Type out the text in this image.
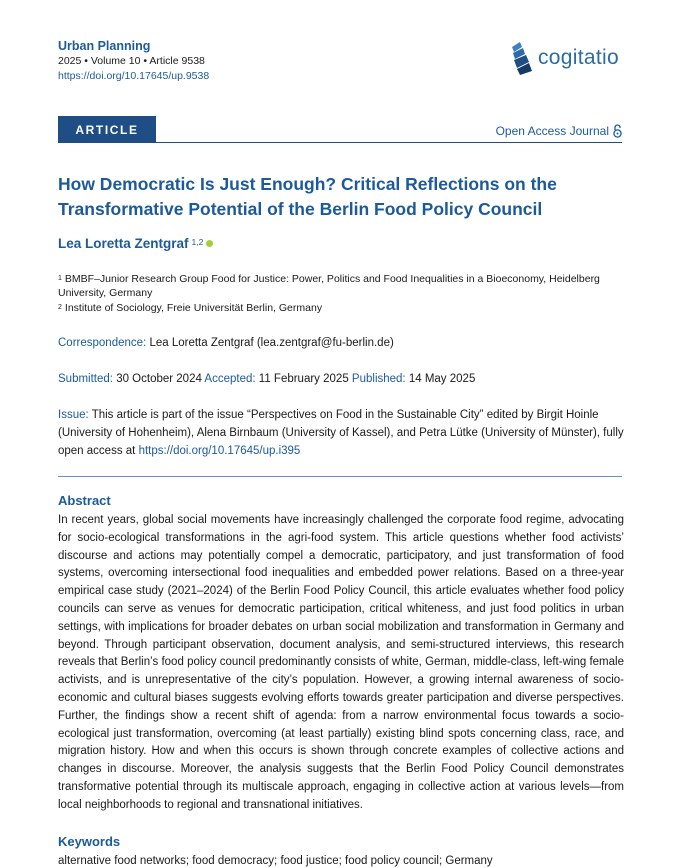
Urban Planning
2025 • Volume 10 • Article 9538
https://doi.org/10.17645/up.9538
cogitatio
ARTICLE	Open Access Journal
How Democratic Is Just Enough? Critical Reflections on the Transformative Potential of the Berlin Food Policy Council
Lea Loretta Zentgraf 1,2
$^1$ BMBF–Junior Research Group Food for Justice: Power, Politics and Food Inequalities in a Bioeconomy, Heidelberg University, Germany
$^2$ Institute of Sociology, Freie Universität Berlin, Germany
Correspondence: Lea Loretta Zentgraf (lea.zentgraf@fu-berlin.de)
Submitted: 30 October 2024 Accepted: 11 February 2025 Published: 14 May 2025
Issue: This article is part of the issue “Perspectives on Food in the Sustainable City” edited by Birgit Hoinle (University of Hohenheim), Alena Birnbaum (University of Kassel), and Petra Lütke (University of Münster), fully open access at https://doi.org/10.17645/up.i395
Abstract

In recent years, global social movements have increasingly challenged the corporate food regime, advocating for socio-ecological transformations in the agri-food system. This article questions whether food activists’ discourse and actions may potentially compel a democratic, participatory, and just transformation of food systems, overcoming intersectional food inequalities and embedded power relations. Based on a three-year empirical case study (2021–2024) of the Berlin Food Policy Council, this article evaluates whether food policy councils can serve as venues for democratic participation, critical whiteness, and just food politics in urban settings, with implications for broader debates on urban social mobilization and transformation in Germany and beyond. Through participant observation, document analysis, and semi-structured interviews, this research reveals that Berlin’s food policy council predominantly consists of white, German, middle-class, left-wing female activists, and is unrepresentative of the city’s population. However, a growing internal awareness of socio-economic and cultural biases suggests evolving efforts towards greater participation and diverse perspectives. Further, the findings show a recent shift of agenda: from a narrow environmental focus towards a socio-ecological just transformation, overcoming (at least partially) existing blind spots concerning class, race, and migration history. How and when this occurs is shown through concrete examples of collective actions and changes in discourse. Moreover, the analysis suggests that the Berlin Food Policy Council demonstrates transformative potential through its multiscale approach, engaging in collective action at various levels—from local neighborhoods to regional and transnational initiatives.

Keywords

alternative food networks; food democracy; food justice; food policy council; Germany
